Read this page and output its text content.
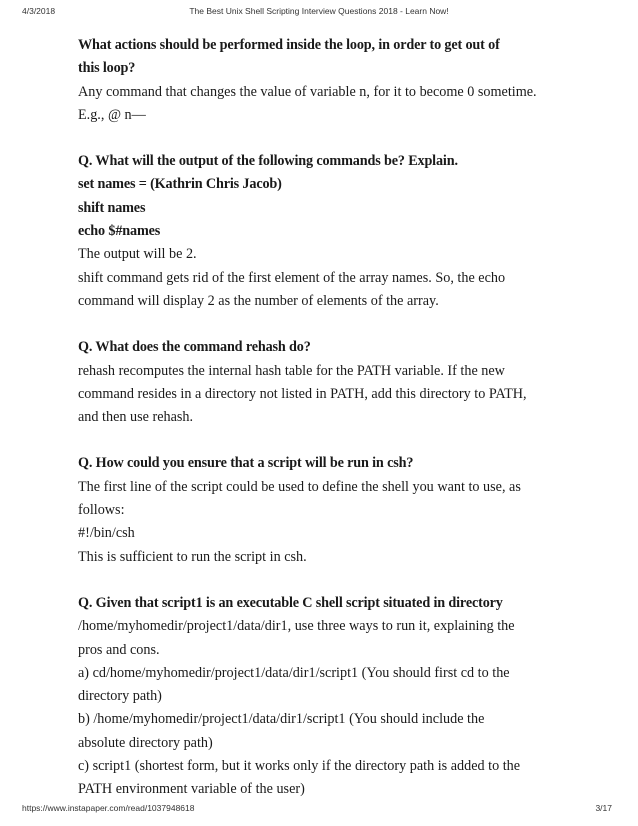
4/3/2018	The Best Unix Shell Scripting Interview Questions 2018 - Learn Now!
What actions should be performed inside the loop, in order to get out of
this loop?
Any command that changes the value of variable n, for it to become 0 sometime.
E.g., @ n—
Q. What will the output of the following commands be? Explain.
set names = (Kathrin Chris Jacob)
shift names
echo $#names
The output will be 2.
shift command gets rid of the first element of the array names. So, the echo
command will display 2 as the number of elements of the array.
Q. What does the command rehash do?
rehash recomputes the internal hash table for the PATH variable. If the new
command resides in a directory not listed in PATH, add this directory to PATH,
and then use rehash.
Q. How could you ensure that a script will be run in csh?
The first line of the script could be used to define the shell you want to use, as
follows:
#!/bin/csh
This is sufficient to run the script in csh.
Q. Given that script1 is an executable C shell script situated in directory
/home/myhomedir/project1/data/dir1, use three ways to run it, explaining the
pros and cons.
a) cd/home/myhomedir/project1/data/dir1/script1 (You should first cd to the
directory path)
b) /home/myhomedir/project1/data/dir1/script1 (You should include the
absolute directory path)
c) script1 (shortest form, but it works only if the directory path is added to the
PATH environment variable of the user)
https://www.instapaper.com/read/1037948618	3/17
